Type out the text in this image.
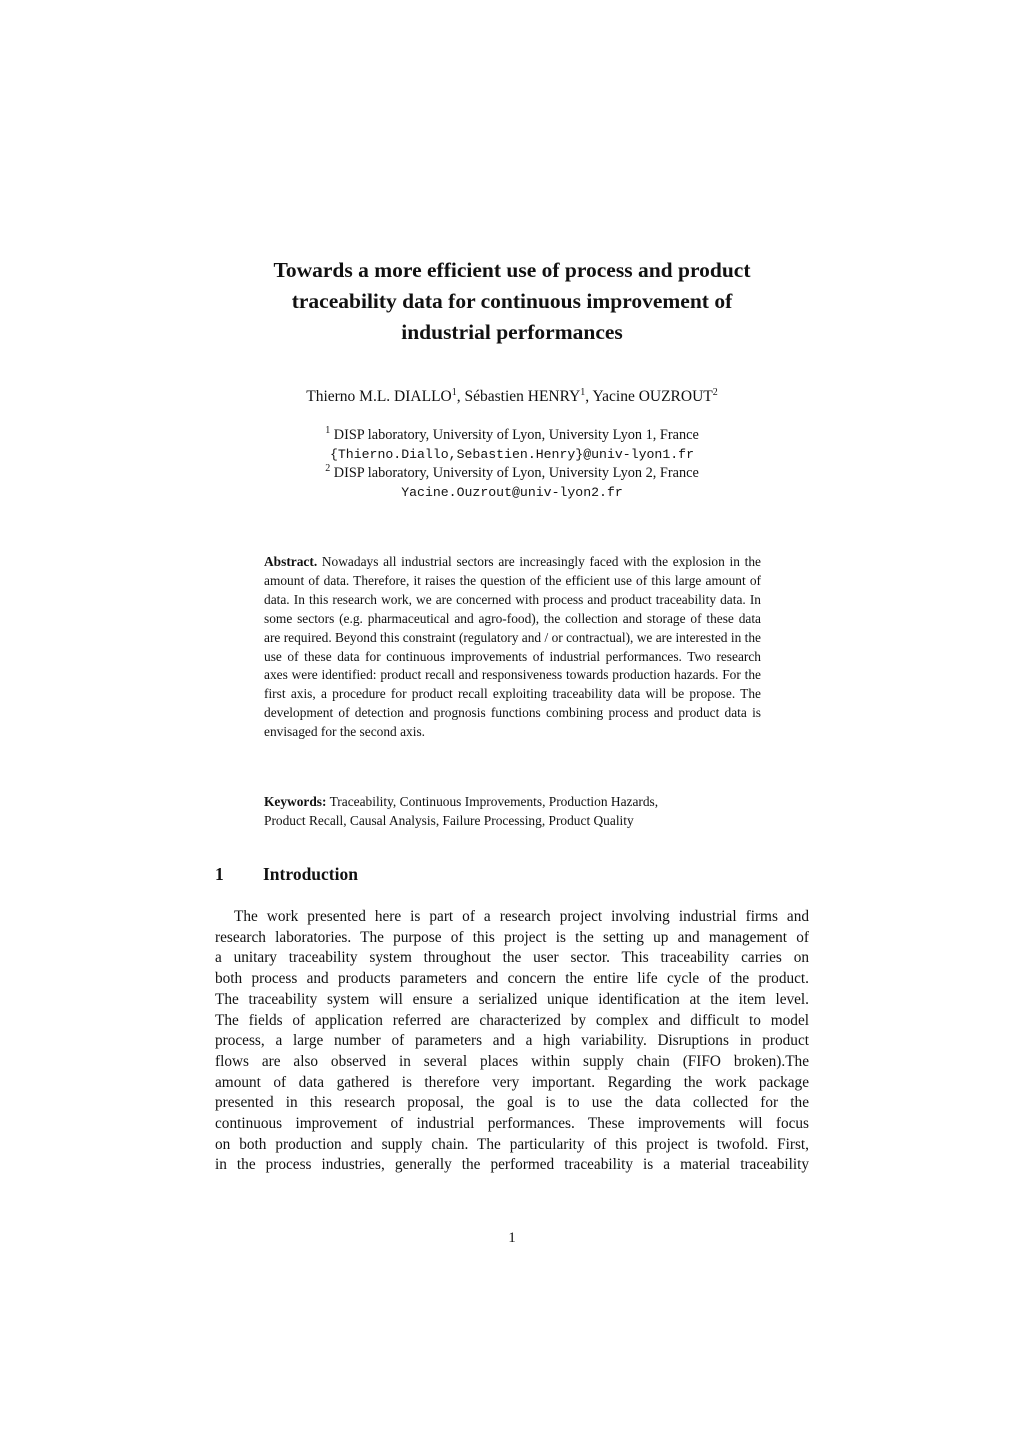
Towards a more efficient use of process and product
traceability data for continuous improvement of
industrial performances
Thierno M.L. DIALLO$^1$, Sébastien HENRY$^1$, Yacine OUZROUT$^2$
$^1$ DISP laboratory, University of Lyon, University Lyon 1, France
{Thierno.Diallo,Sebastien.Henry}@univ-lyon1.fr
$^2$ DISP laboratory, University of Lyon, University Lyon 2, France
Yacine.Ouzrout@univ-lyon2.fr

Abstract. Nowadays all industrial sectors are increasingly faced with the explosion in the amount of data. Therefore, it raises the question of the efficient use of this large amount of data. In this research work, we are concerned with process and product traceability data. In some sectors (e.g. pharmaceutical and agro-food), the collection and storage of these data are required. Beyond this constraint (regulatory and / or contractual), we are interested in the use of these data for continuous improvements of industrial performances. Two research axes were identified: product recall and responsiveness towards production hazards. For the first axis, a procedure for product recall exploiting traceability data will be propose. The development of detection and prognosis functions combining process and product data is envisaged for the second axis.

Keywords: Traceability, Continuous Improvements, Production Hazards,
Product Recall, Causal Analysis, Failure Processing, Product Quality
1 Introduction
The work presented here is part of a research project involving industrial firms and
research laboratories. The purpose of this project is the setting up and management of
a unitary traceability system throughout the user sector. This traceability carries on
both process and products parameters and concern the entire life cycle of the product.
The traceability system will ensure a serialized unique identification at the item level.
The fields of application referred are characterized by complex and difficult to model
process, a large number of parameters and a high variability. Disruptions in product
flows are also observed in several places within supply chain (FIFO broken).The
amount of data gathered is therefore very important. Regarding the work package
presented in this research proposal, the goal is to use the data collected for the
continuous improvement of industrial performances. These improvements will focus
on both production and supply chain. The particularity of this project is twofold. First,
in the process industries, generally the performed traceability is a material traceability
1
